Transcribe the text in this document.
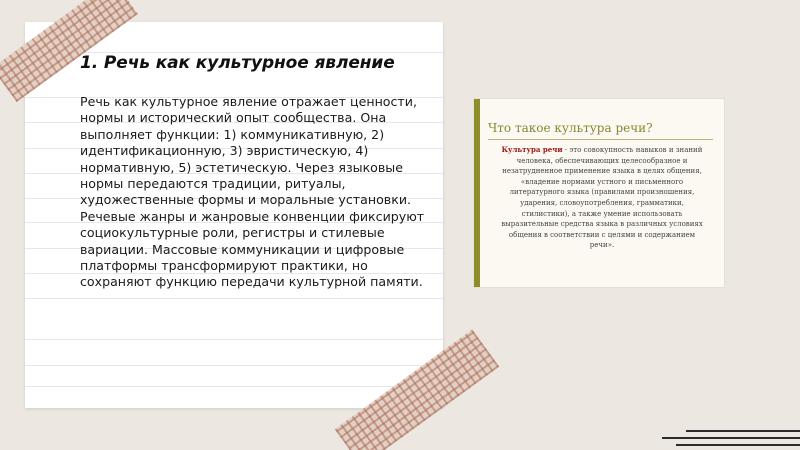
1. Речь как культурное явление

Речь как культурное явление отражает ценности, нормы и исторический опыт сообщества. Она выполняет функции: 1) коммуникативную, 2) идентификационную, 3) эвристическую, 4) нормативную, 5) эстетическую. Через языковые нормы передаются традиции, ритуалы, художественные формы и моральные установки. Речевые жанры и жанровые конвенции фиксируют социокультурные роли, регистры и стилевые вариации. Массовые коммуникации и цифровые платформы трансформируют практики, но сохраняют функцию передачи культурной памяти.

Что такое культура речи?
Культура речи - это совокупность навыков и знаний человека, обеспечивающих целесообразное и незатрудненное применение языка в целях общения, «владение нормами устного и письменного литературного языка (правилами произношения, ударения, словоупотребления, грамматики, стилистики), а также умение использовать выразительные средства языка в различных условиях общения в соответствии с целями и содержанием речи».
